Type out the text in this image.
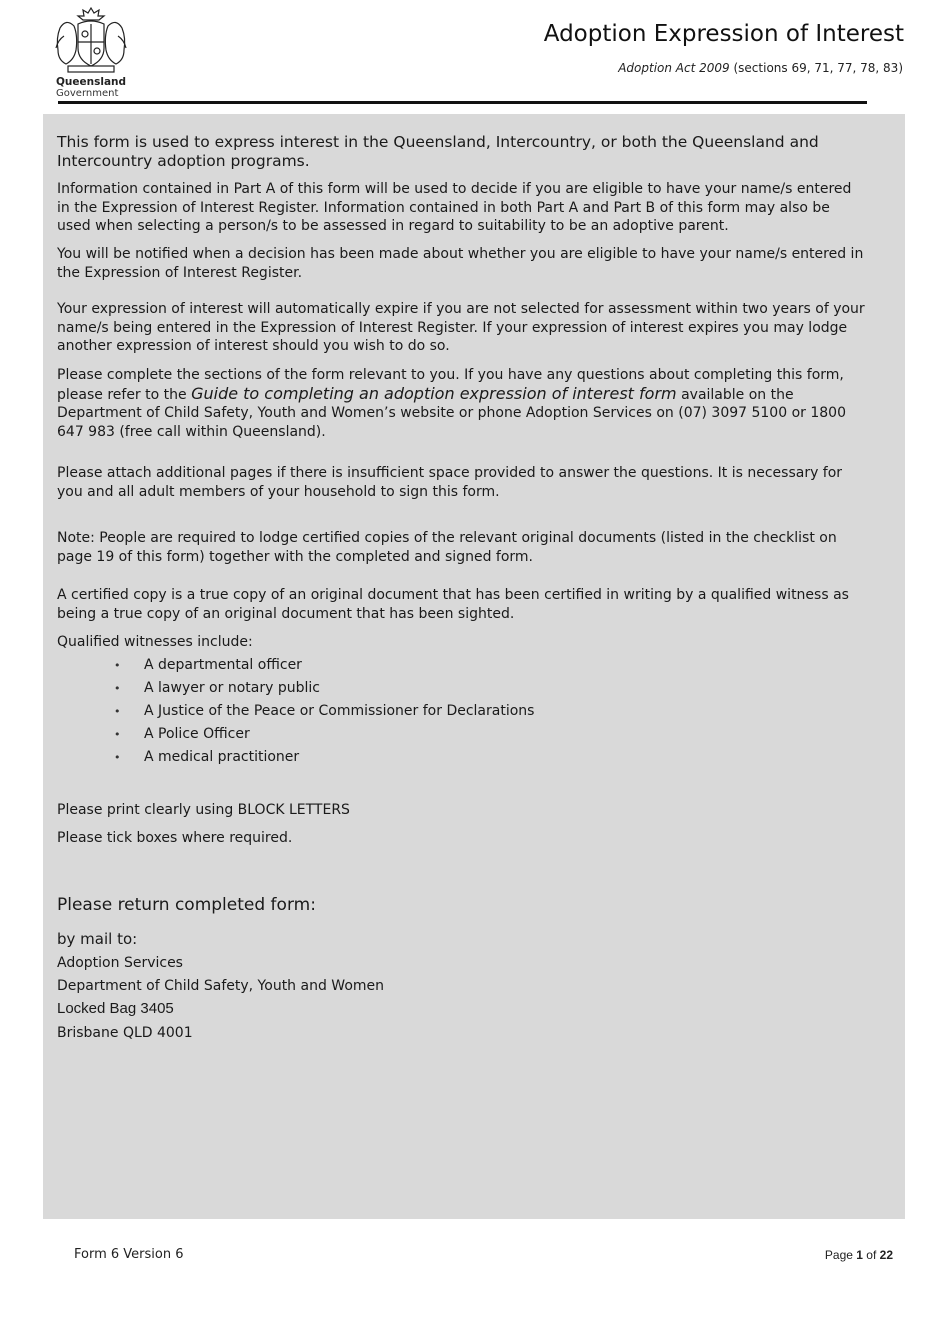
Queensland
Government
Adoption Expression of Interest
Adoption Act 2009 (sections 69, 71, 77, 78, 83)

This form is used to express interest in the Queensland, Intercountry, or both the Queensland and Intercountry adoption programs.

Information contained in Part A of this form will be used to decide if you are eligible to have your name/s entered in the Expression of Interest Register. Information contained in both Part A and Part B of this form may also be used when selecting a person/s to be assessed in regard to suitability to be an adoptive parent.

You will be notified when a decision has been made about whether you are eligible to have your name/s entered in the Expression of Interest Register.

Your expression of interest will automatically expire if you are not selected for assessment within two years of your name/s being entered in the Expression of Interest Register. If your expression of interest expires you may lodge another expression of interest should you wish to do so.

Please complete the sections of the form relevant to you. If you have any questions about completing this form, please refer to the Guide to completing an adoption expression of interest form available on the Department of Child Safety, Youth and Women’s website or phone Adoption Services on (07) 3097 5100 or 1800 647 983 (free call within Queensland).

Please attach additional pages if there is insufficient space provided to answer the questions. It is necessary for you and all adult members of your household to sign this form.

Note: People are required to lodge certified copies of the relevant original documents (listed in the checklist on page 19 of this form) together with the completed and signed form.

A certified copy is a true copy of an original document that has been certified in writing by a qualified witness as being a true copy of an original document that has been sighted.

Qualified witnesses include:

• A departmental officer
• A lawyer or notary public
• A Justice of the Peace or Commissioner for Declarations
• A Police Officer
• A medical practitioner

Please print clearly using BLOCK LETTERS

Please tick boxes where required.

Please return completed form:

by mail to:

Adoption Services

Department of Child Safety, Youth and Women

Locked Bag 3405

Brisbane QLD 4001

Form 6 Version 6	Page 1 of 22
